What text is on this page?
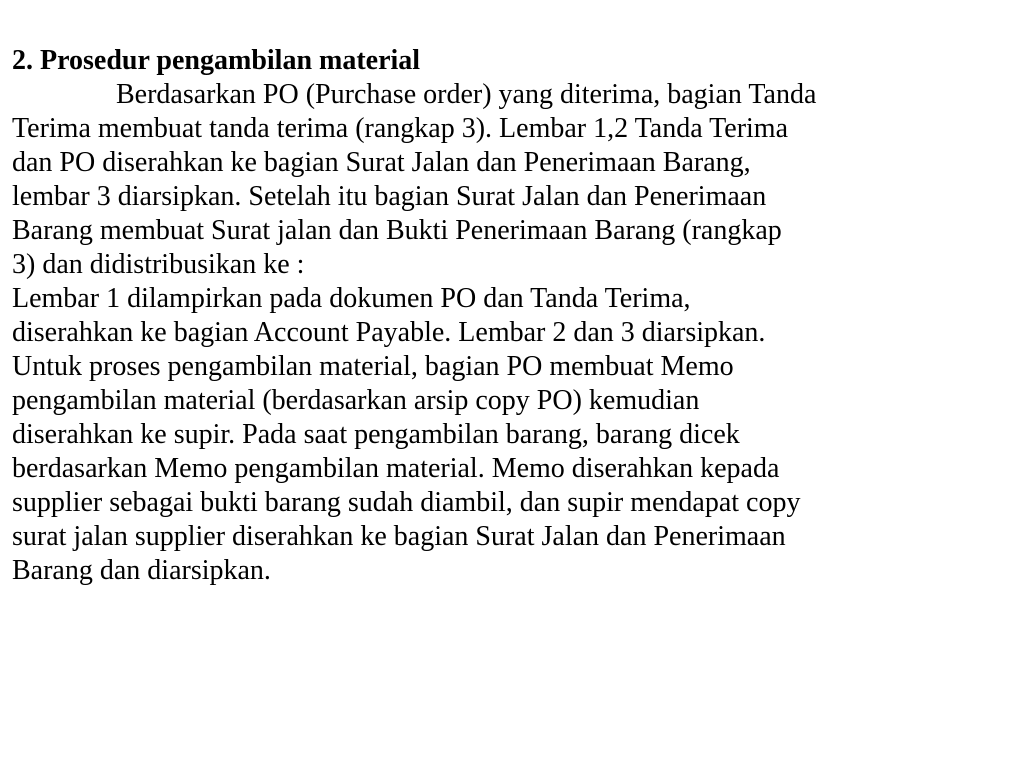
2. Prosedur pengambilan material
Berdasarkan PO (Purchase order) yang diterima, bagian Tanda
Terima membuat tanda terima (rangkap 3). Lembar 1,2 Tanda Terima
dan PO diserahkan ke bagian Surat Jalan dan Penerimaan Barang,
lembar 3 diarsipkan. Setelah itu bagian Surat Jalan dan Penerimaan
Barang membuat Surat jalan dan Bukti Penerimaan Barang (rangkap
3) dan didistribusikan ke :
Lembar 1 dilampirkan pada dokumen PO dan Tanda Terima,
diserahkan ke bagian Account Payable. Lembar 2 dan 3 diarsipkan.
Untuk proses pengambilan material, bagian PO membuat Memo
pengambilan material (berdasarkan arsip copy PO) kemudian
diserahkan ke supir. Pada saat pengambilan barang, barang dicek
berdasarkan Memo pengambilan material. Memo diserahkan kepada
supplier sebagai bukti barang sudah diambil, dan supir mendapat copy
surat jalan supplier diserahkan ke bagian Surat Jalan dan Penerimaan
Barang dan diarsipkan.
